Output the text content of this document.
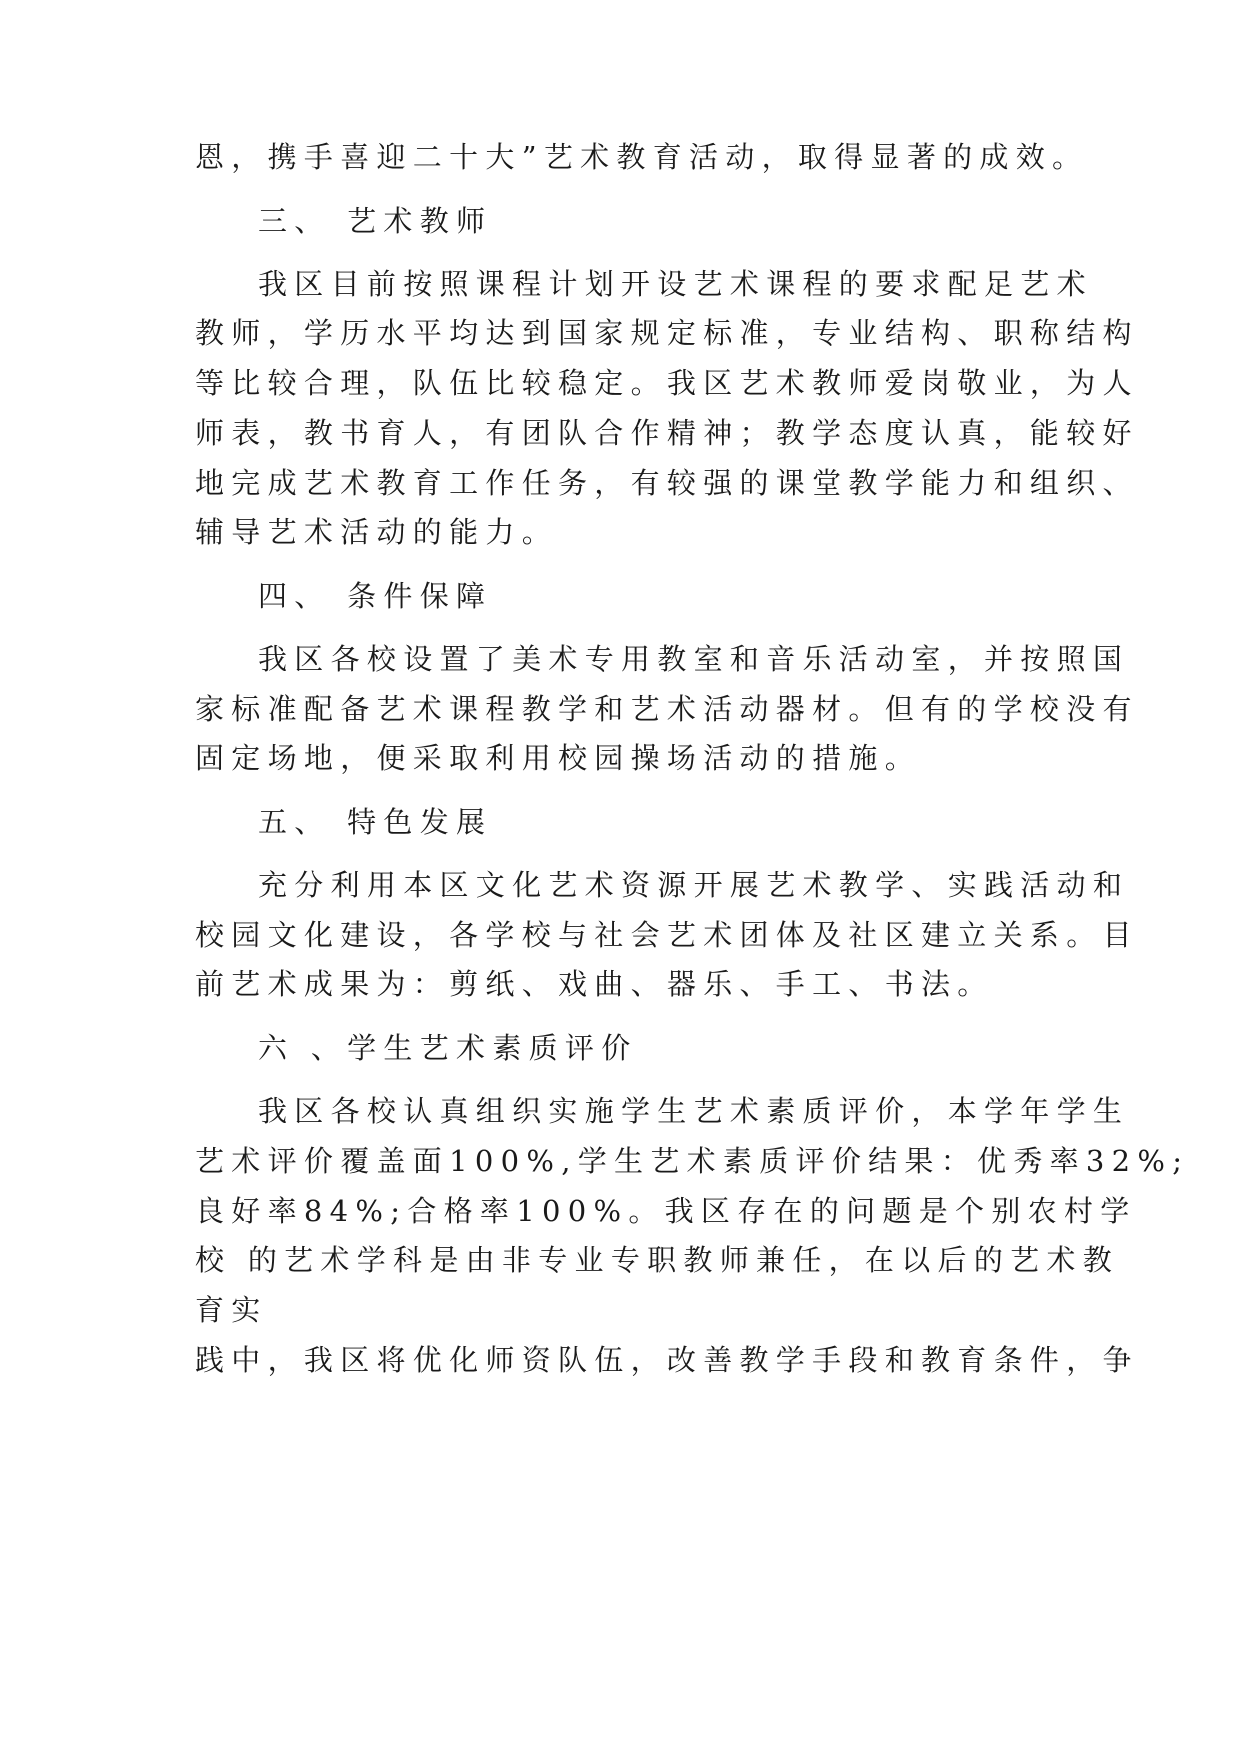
恩，携手喜迎二十大”艺术教育活动，取得显著的成效。
三、 艺术教师
我区目前按照课程计划开设艺术课程的要求配足艺术
教师，学历水平均达到国家规定标准，专业结构、职称结构
等比较合理，队伍比较稳定。我区艺术教师爱岗敬业，为人
师表，教书育人，有团队合作精神；教学态度认真，能较好
地完成艺术教育工作任务，有较强的课堂教学能力和组织、
辅导艺术活动的能力。
四、 条件保障
我区各校设置了美术专用教室和音乐活动室，并按照国
家标准配备艺术课程教学和艺术活动器材。但有的学校没有
固定场地，便采取利用校园操场活动的措施。
五、 特色发展
充分利用本区文化艺术资源开展艺术教学、实践活动和
校园文化建设，各学校与社会艺术团体及社区建立关系。目
前艺术成果为：剪纸、戏曲、器乐、手工、书法。
六 、学生艺术素质评价
我区各校认真组织实施学生艺术素质评价，本学年学生
艺术评价覆盖面100%,学生艺术素质评价结果：优秀率32%;
良好率84%;合格率100%。我区存在的问题是个别农村学
校 的艺术学科是由非专业专职教师兼任，在以后的艺术教
育实
践中，我区将优化师资队伍，改善教学手段和教育条件，争
